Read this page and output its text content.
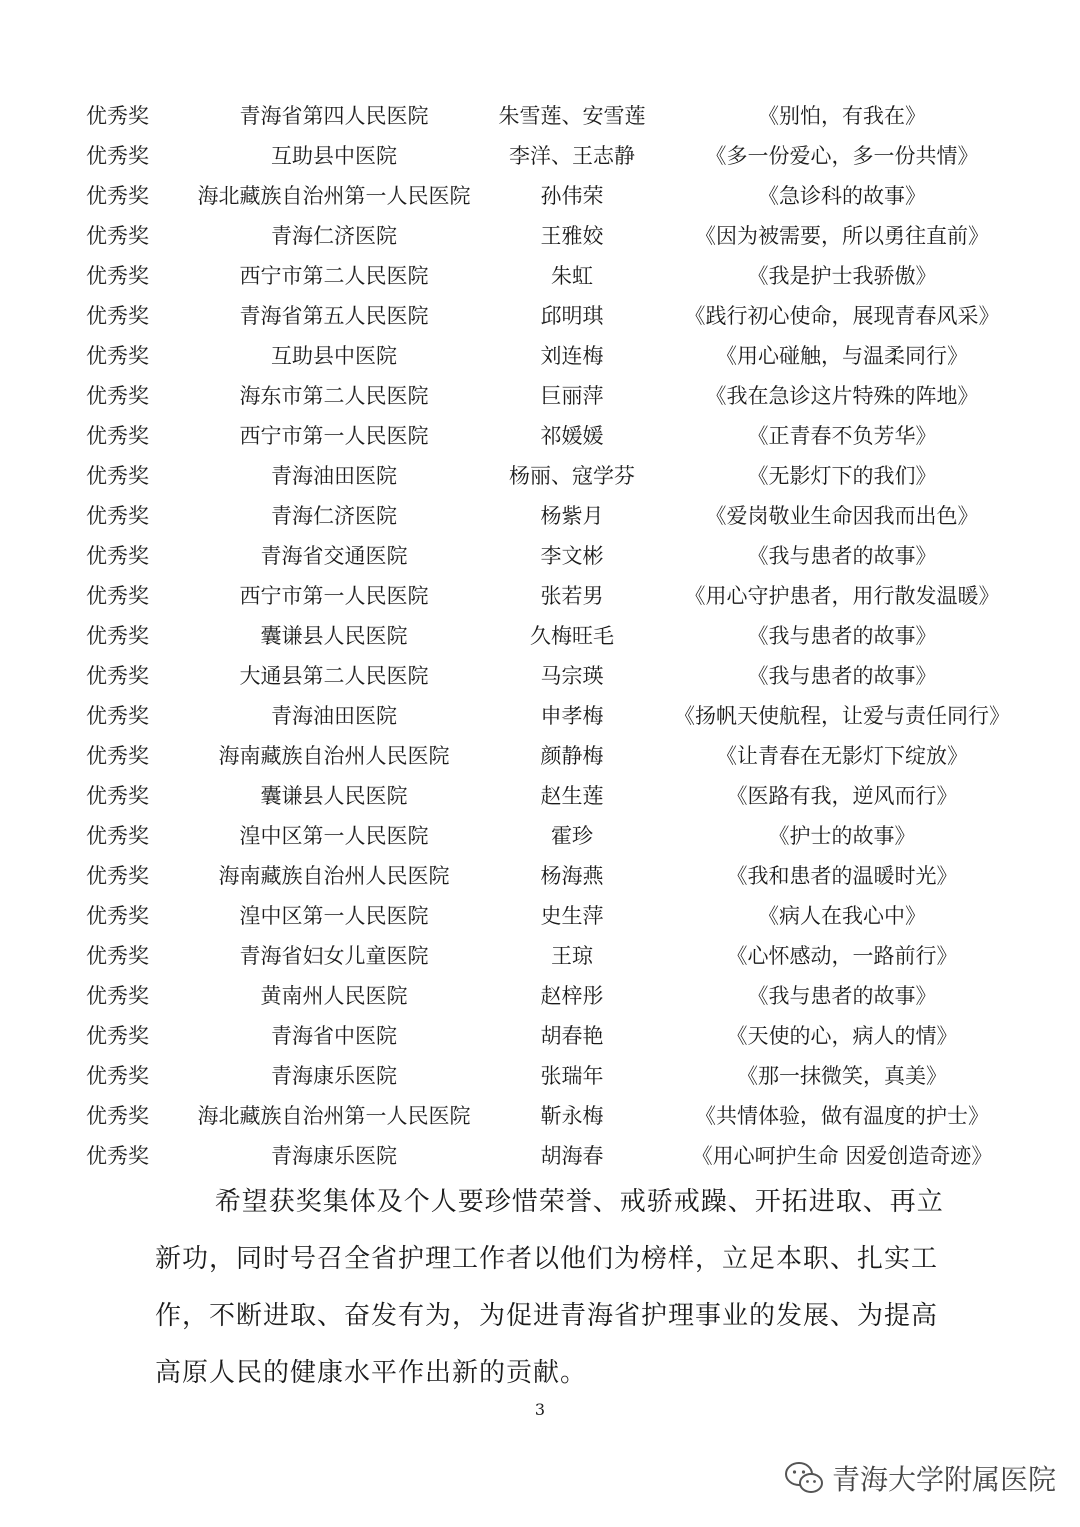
优秀奖	青海省第四人民医院	朱雪莲、安雪莲	《别怕，有我在》
优秀奖	互助县中医院	李洋、王志静	《多一份爱心，多一份共情》
优秀奖 海北藏族自治州第一人民医院	孙伟荣	《急诊科的故事》
优秀奖	青海仁济医院	王雅姣	《因为被需要，所以勇往直前》
优秀奖	西宁市第二人民医院	朱虹	《我是护士我骄傲》
优秀奖	青海省第五人民医院	邱明琪	《践行初心使命，展现青春风采》
优秀奖	互助县中医院	刘连梅	《用心碰触，与温柔同行》
优秀奖	海东市第二人民医院	巨丽萍	《我在急诊这片特殊的阵地》
优秀奖	西宁市第一人民医院	祁媛媛	《正青春不负芳华》
优秀奖	青海油田医院	杨丽、寇学芬	《无影灯下的我们》
优秀奖	青海仁济医院	杨紫月	《爱岗敬业生命因我而出色》
优秀奖	青海省交通医院	李文彬	《我与患者的故事》
优秀奖	西宁市第一人民医院	张若男	《用心守护患者，用行散发温暖》
优秀奖	囊谦县人民医院	久梅旺毛	《我与患者的故事》
优秀奖	大通县第二人民医院	马宗瑛	《我与患者的故事》
优秀奖	青海油田医院	申孝梅	《扬帆天使航程，让爱与责任同行》
优秀奖	海南藏族自治州人民医院	颜静梅	《让青春在无影灯下绽放》
优秀奖	囊谦县人民医院	赵生莲	《医路有我，逆风而行》
优秀奖	湟中区第一人民医院	霍珍	《护士的故事》
优秀奖	海南藏族自治州人民医院	杨海燕	《我和患者的温暖时光》
优秀奖	湟中区第一人民医院	史生萍	《病人在我心中》
优秀奖	青海省妇女儿童医院	王琼	《心怀感动，一路前行》
优秀奖	黄南州人民医院	赵梓彤	《我与患者的故事》
优秀奖	青海省中医院	胡春艳	《天使的心，病人的情》
优秀奖	青海康乐医院	张瑞年	《那一抹微笑，真美》
优秀奖 海北藏族自治州第一人民医院	靳永梅	《共情体验，做有温度的护士》
优秀奖	青海康乐医院	胡海春	《用心呵护生命 因爱创造奇迹》

希望获奖集体及个人要珍惜荣誉、戒骄戒躁、开拓进取、再立新功，同时号召全省护理工作者以他们为榜样，立足本职、扎实工作，不断进取、奋发有为，为促进青海省护理事业的发展、为提高高原人民的健康水平作出新的贡献。

3
青海大学附属医院
